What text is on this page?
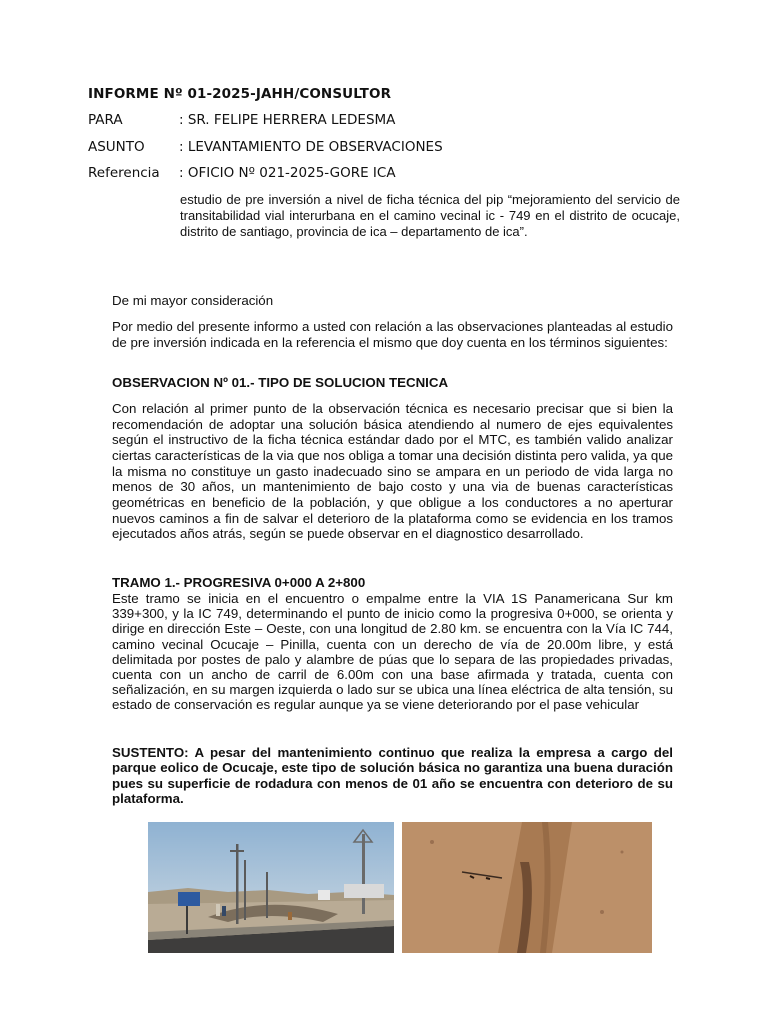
INFORME Nº 01-2025-JAHH/CONSULTOR
PARA	: SR. FELIPE HERRERA LEDESMA
ASUNTO	: LEVANTAMIENTO DE OBSERVACIONES
Referencia : OFICIO Nº 021-2025-GORE ICA
estudio de pre inversión a nivel de ficha técnica del pip “mejoramiento del servicio de transitabilidad vial interurbana en el camino vecinal ic - 749 en el distrito de ocucaje, distrito de santiago, provincia de ica – departamento de ica”.
De mi mayor consideración
Por medio del presente informo a usted con relación a las observaciones planteadas al estudio de pre inversión indicada en la referencia el mismo que doy cuenta en los términos siguientes:
OBSERVACION Nº 01.- TIPO DE SOLUCION TECNICA
Con relación al primer punto de la observación técnica es necesario precisar que si bien la recomendación de adoptar una solución básica atendiendo al numero de ejes equivalentes según el instructivo de la ficha técnica estándar dado por el MTC, es también valido analizar ciertas características de la via que nos obliga a tomar una decisión distinta pero valida, ya que la misma no constituye un gasto inadecuado sino se ampara en un periodo de vida larga no menos de 30 años, un mantenimiento de bajo costo y una via de buenas características geométricas en beneficio de la población, y que obligue a los conductores a no aperturar nuevos caminos a fin de salvar el deterioro de la plataforma como se evidencia en los tramos ejecutados años atrás, según se puede observar en el diagnostico desarrollado.
TRAMO 1.- PROGRESIVA 0+000 A 2+800
Este tramo se inicia en el encuentro o empalme entre la VIA 1S Panamericana Sur km 339+300, y la IC 749, determinando el punto de inicio como la progresiva 0+000, se orienta y dirige en dirección Este – Oeste, con una longitud de 2.80 km. se encuentra con la Vía IC 744, camino vecinal Ocucaje – Pinilla, cuenta con un derecho de vía de 20.00m libre, y está delimitada por postes de palo y alambre de púas que lo separa de las propiedades privadas, cuenta con un ancho de carril de 6.00m con una base afirmada y tratada, cuenta con señalización, en su margen izquierda o lado sur se ubica una línea eléctrica de alta tensión, su estado de conservación es regular aunque ya se viene deteriorando por el pase vehicular
SUSTENTO: A pesar del mantenimiento continuo que realiza la empresa a cargo del parque eolico de Ocucaje, este tipo de solución básica no garantiza una buena duración pues su superficie de rodadura con menos de 01 año se encuentra con deterioro de su plataforma.
